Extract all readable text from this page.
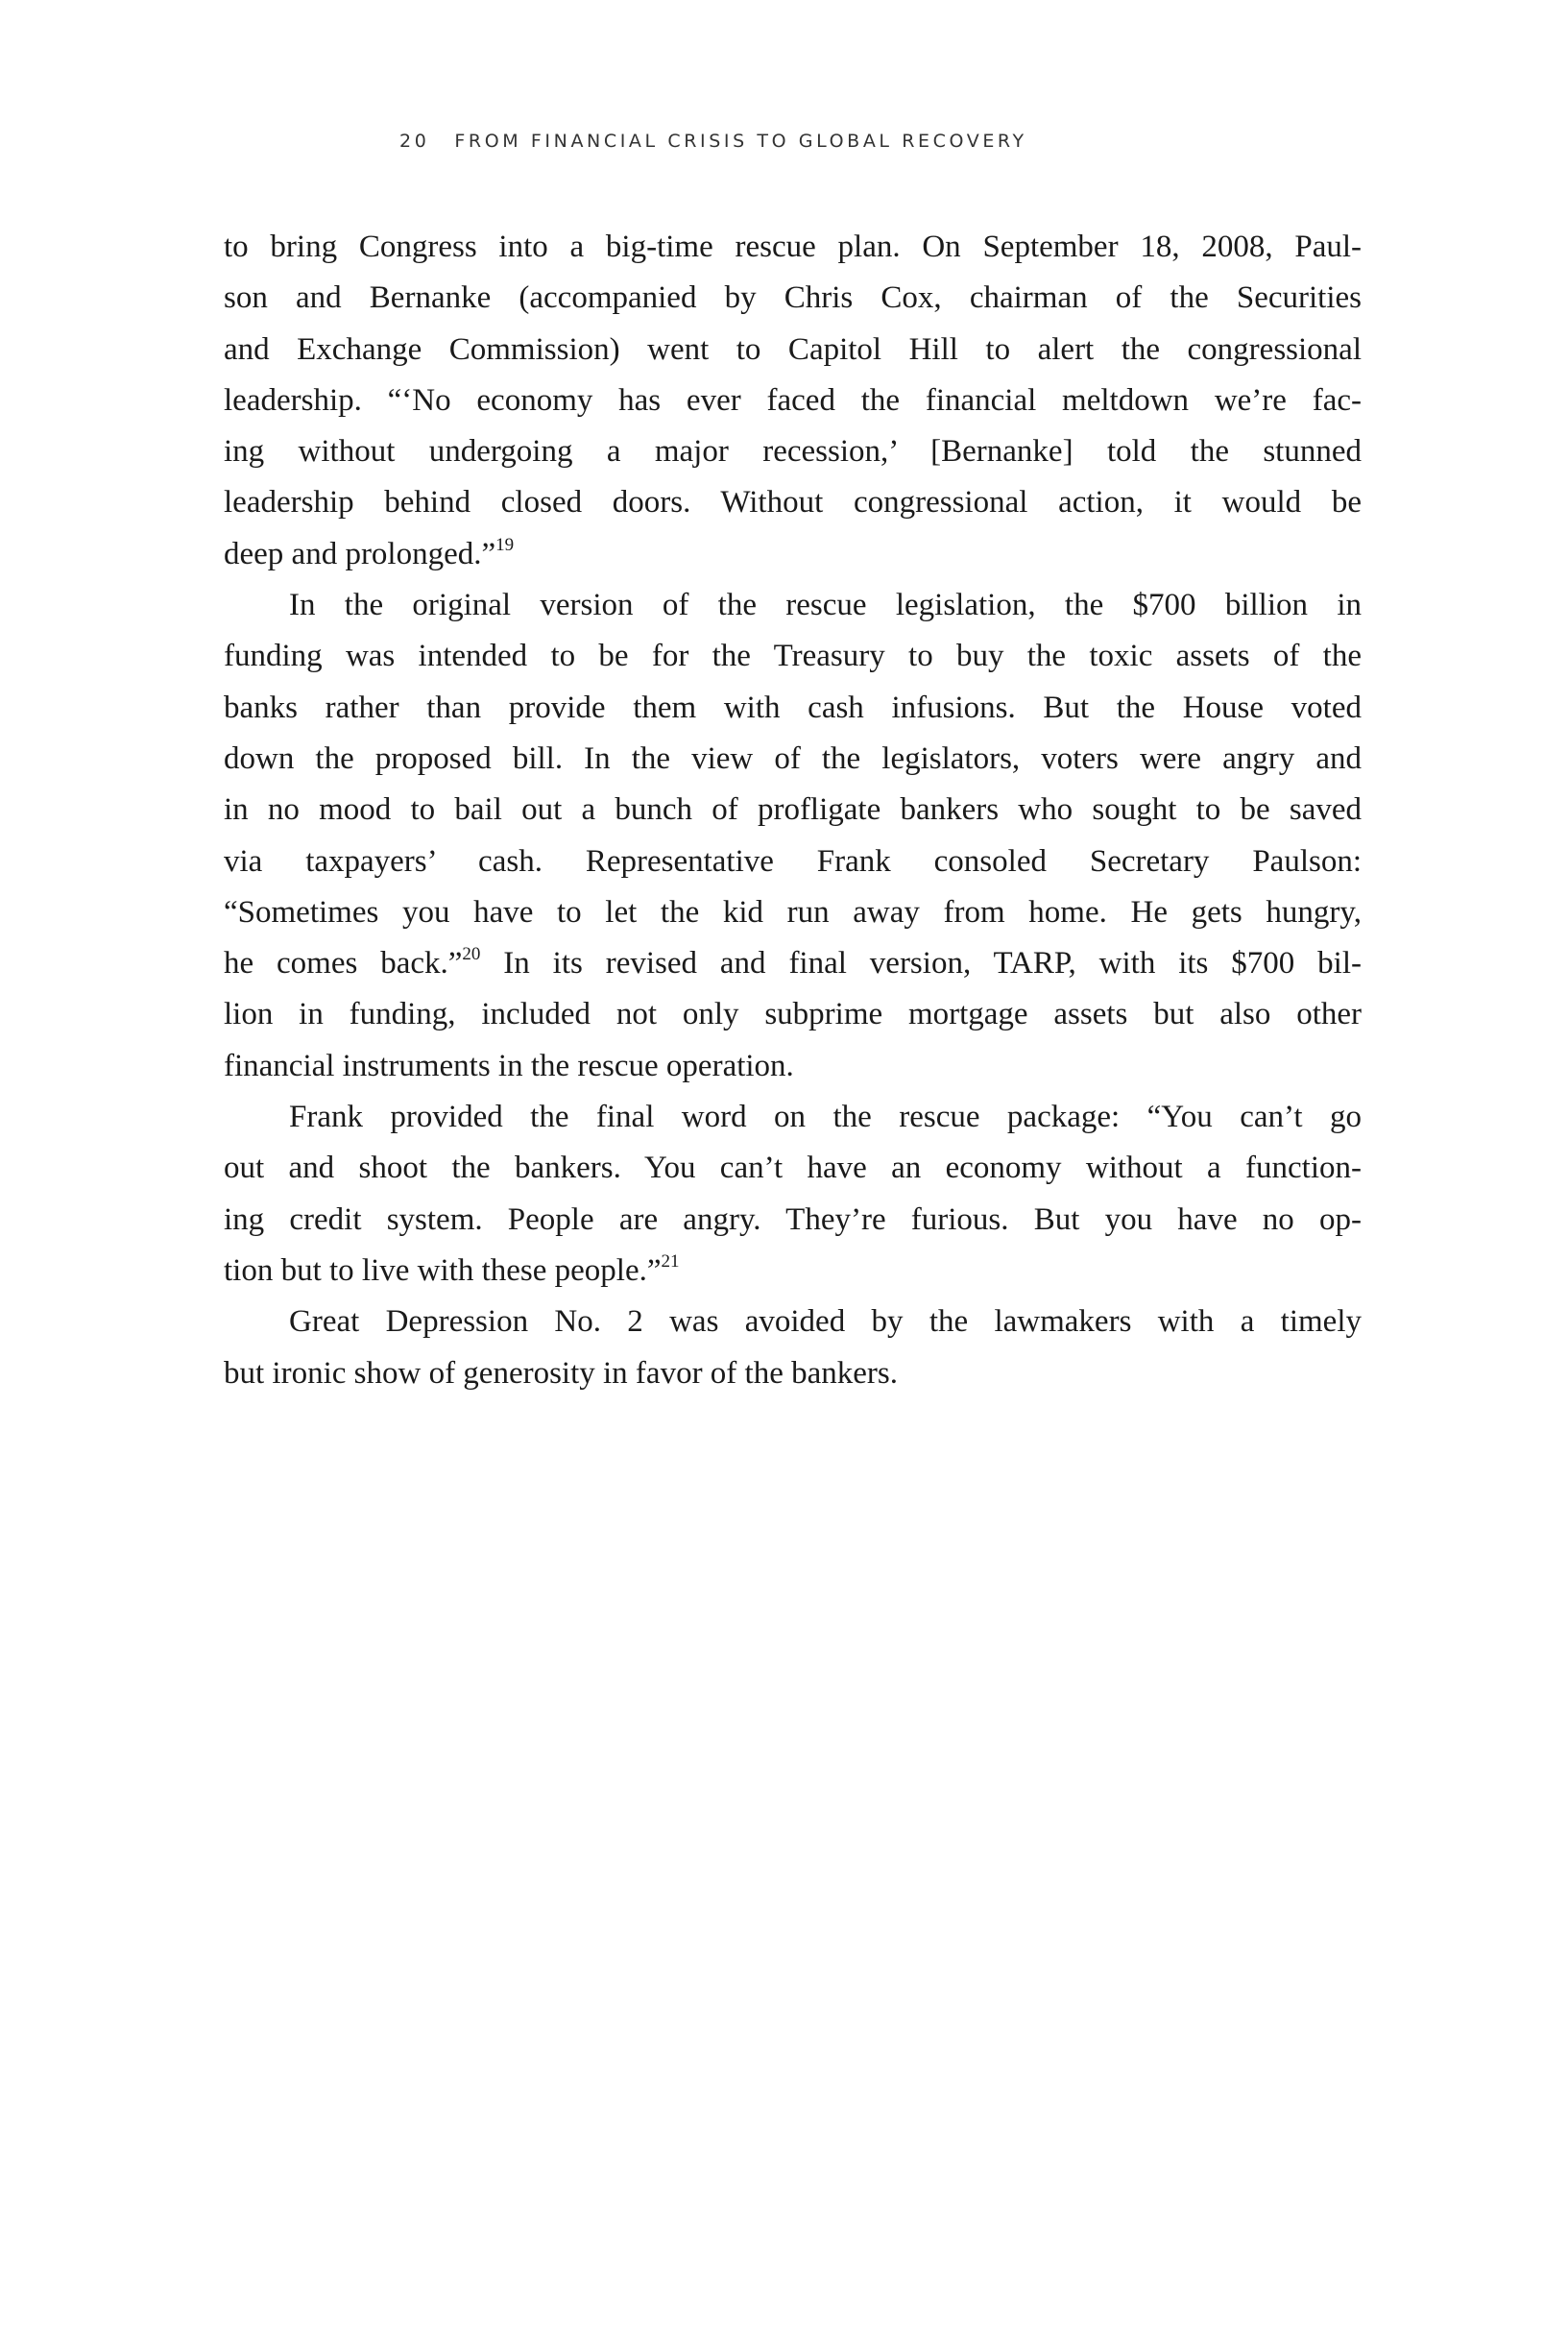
20 FROM FINANCIAL CRISIS TO GLOBAL RECOVERY
to bring Congress into a big-time rescue plan. On September 18, 2008, Paul-
son and Bernanke (accompanied by Chris Cox, chairman of the Securities
and Exchange Commission) went to Capitol Hill to alert the congressional
leadership. “‘No economy has ever faced the financial meltdown we’re fac-
ing without undergoing a major recession,’ [Bernanke] told the stunned
leadership behind closed doors. Without congressional action, it would be
deep and prolonged.”$^{19}$
In the original version of the rescue legislation, the $700 billion in
funding was intended to be for the Treasury to buy the toxic assets of the
banks rather than provide them with cash infusions. But the House voted
down the proposed bill. In the view of the legislators, voters were angry and
in no mood to bail out a bunch of profligate bankers who sought to be saved
via taxpayers’ cash. Representative Frank consoled Secretary Paulson:
“Sometimes you have to let the kid run away from home. He gets hungry,
he comes back.”$^{20}$ In its revised and final version, TARP, with its $700 bil-
lion in funding, included not only subprime mortgage assets but also other
financial instruments in the rescue operation.
Frank provided the final word on the rescue package: “You can’t go
out and shoot the bankers. You can’t have an economy without a function-
ing credit system. People are angry. They’re furious. But you have no op-
tion but to live with these people.”$^{21}$
Great Depression No. 2 was avoided by the lawmakers with a timely
but ironic show of generosity in favor of the bankers.
